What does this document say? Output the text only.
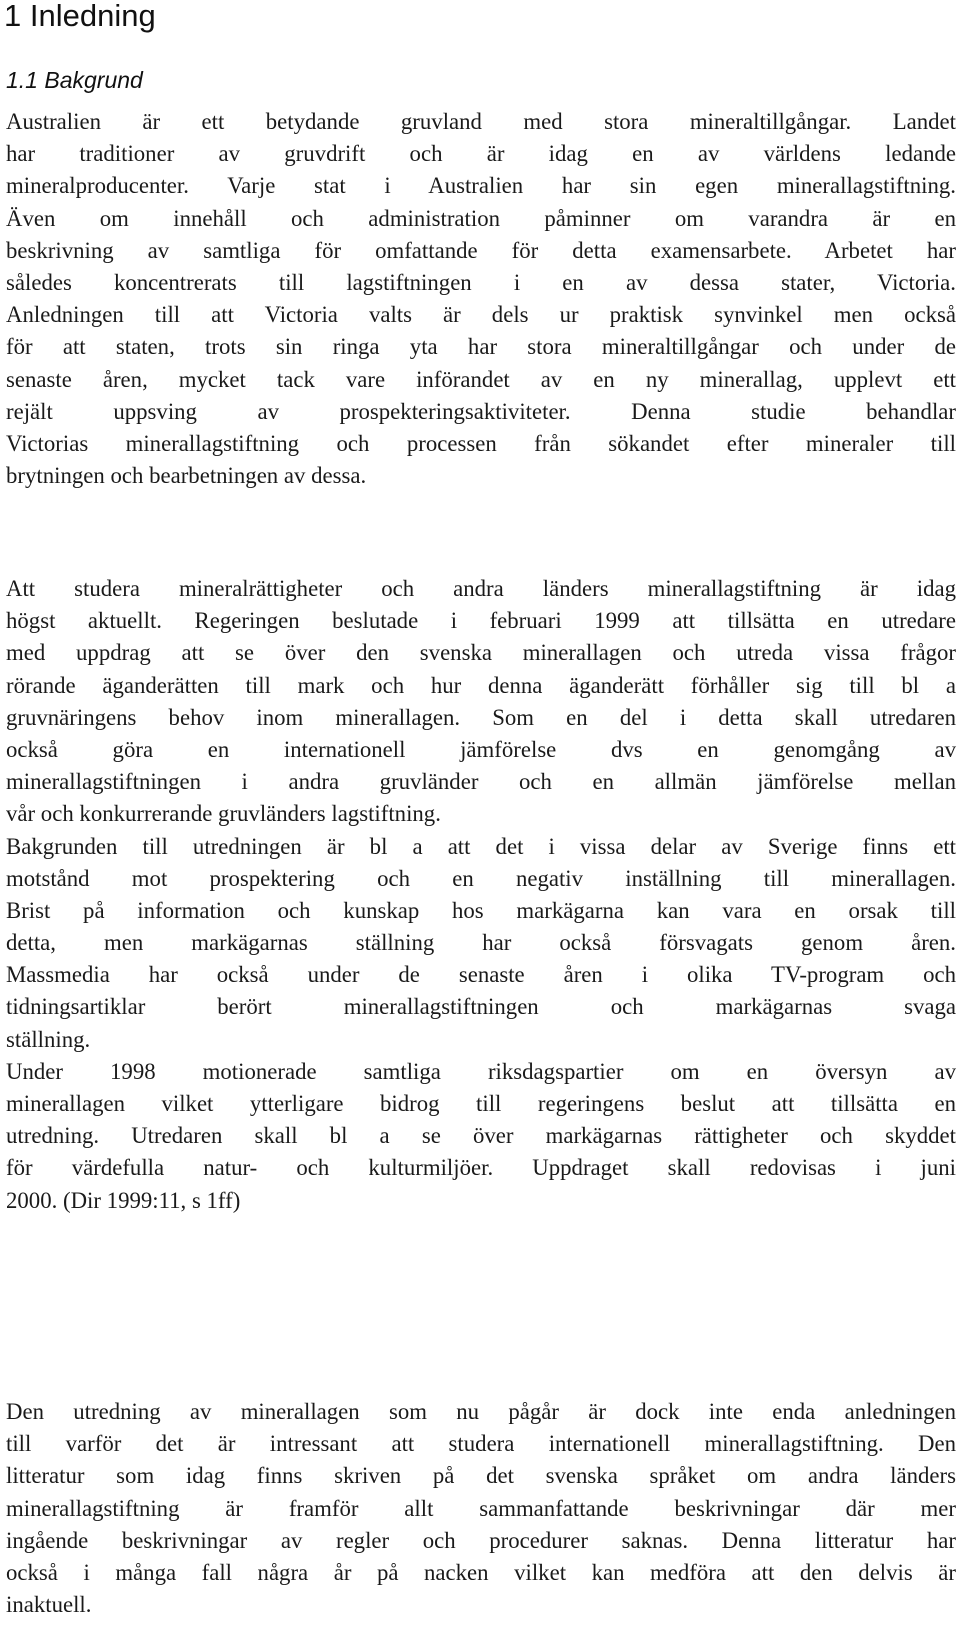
1 Inledning
1.1 Bakgrund
Australien är ett betydande gruvland med stora mineraltillgångar. Landet
har traditioner av gruvdrift och är idag en av världens ledande
mineralproducenter. Varje stat i Australien har sin egen minerallagstiftning.
Även om innehåll och administration påminner om varandra är en
beskrivning av samtliga för omfattande för detta examensarbete. Arbetet har
således koncentrerats till lagstiftningen i en av dessa stater, Victoria.
Anledningen till att Victoria valts är dels ur praktisk synvinkel men också
för att staten, trots sin ringa yta har stora mineraltillgångar och under de
senaste åren, mycket tack vare införandet av en ny minerallag, upplevt ett
rejält uppsving av prospekteringsaktiviteter. Denna studie behandlar
Victorias minerallagstiftning och processen från sökandet efter mineraler till
brytningen och bearbetningen av dessa.
Att studera mineralrättigheter och andra länders minerallagstiftning är idag
högst aktuellt. Regeringen beslutade i februari 1999 att tillsätta en utredare
med uppdrag att se över den svenska minerallagen och utreda vissa frågor
rörande äganderätten till mark och hur denna äganderätt förhåller sig till bl a
gruvnäringens behov inom minerallagen. Som en del i detta skall utredaren
också göra en internationell jämförelse dvs en genomgång av
minerallagstiftningen i andra gruvländer och en allmän jämförelse mellan
vår och konkurrerande gruvländers lagstiftning.
Bakgrunden till utredningen är bl a att det i vissa delar av Sverige finns ett
motstånd mot prospektering och en negativ inställning till minerallagen.
Brist på information och kunskap hos markägarna kan vara en orsak till
detta, men markägarnas ställning har också försvagats genom åren.
Massmedia har också under de senaste åren i olika TV-program och
tidningsartiklar berört minerallagstiftningen och markägarnas svaga
ställning.
Under 1998 motionerade samtliga riksdagspartier om en översyn av
minerallagen vilket ytterligare bidrog till regeringens beslut att tillsätta en
utredning. Utredaren skall bl a se över markägarnas rättigheter och skyddet
för värdefulla natur- och kulturmiljöer. Uppdraget skall redovisas i juni
2000. (Dir 1999:11, s 1ff)
Den utredning av minerallagen som nu pågår är dock inte enda anledningen
till varför det är intressant att studera internationell minerallagstiftning. Den
litteratur som idag finns skriven på det svenska språket om andra länders
minerallagstiftning är framför allt sammanfattande beskrivningar där mer
ingående beskrivningar av regler och procedurer saknas. Denna litteratur har
också i många fall några år på nacken vilket kan medföra att den delvis är
inaktuell.
